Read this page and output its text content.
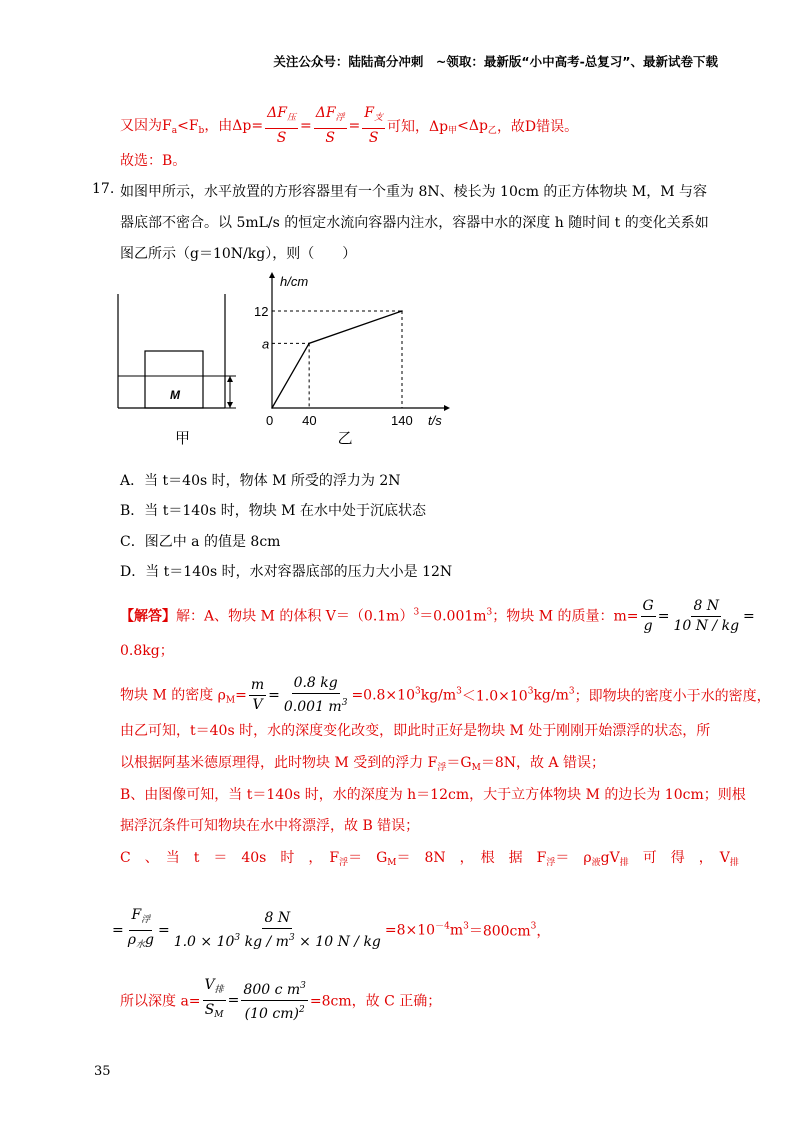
关注公众号：陆陆高分冲刺　~领取：最新版“小中高考-总复习”、最新试卷下载
又因为$F_a<F_b$，由$\Delta p= \frac{\Delta F_压}{S} = \frac{\Delta F_浮}{S} = \frac{F_支}{S}$ 可知，$\Delta p_甲<\Delta p_乙$，故D错误。
故选：B。
17. 如图甲所示，水平放置的方形容器里有一个重为 8N、棱长为 10cm 的正方体物块 M，M 与容
器底部不密合。以 5mL/s 的恒定水流向容器内注水，容器中水的深度 h 随时间 t 的变化关系如
图乙所示（g＝10N/kg），则（　　）
M
甲
h/cm
t/s
0
12
a
40	140
乙
A．当 t＝40s 时，物体 M 所受的浮力为 2N
B．当 t＝140s 时，物块 M 在水中处于沉底状态
C．图乙中 a 的值是 8cm
D．当 t＝140s 时，水对容器底部的压力大小是 12N
【解答】解：A、物块 M 的体积 $V=(0.1m)^3=0.001m^3$；物块 M 的质量：$m= \frac{G}{g} = \frac{8 N}{10 N / kg}$ =
0.8kg；
物块 M 的密度 $\rho_M= \frac{m}{V} = \frac{0.8 kg}{0.001 m^3} =0.8\times 10^3kg/m^3<1.0\times 10^3kg/m^3$；即物块的密度小于水的密度，
由乙可知，t＝40s 时，水的深度变化改变，即此时正好是物块 M 处于刚刚开始漂浮的状态，所
以根据阿基米德原理得，此时物块 M 受到的浮力 $F_浮=G_M=8N$，故 A 错误；
B、由图像可知，当 t＝140s 时，水的深度为 h＝12cm，大于立方体物块 M 的边长为 10cm；则根
据浮沉条件可知物块在水中将漂浮，故 B 错误；
C　、　当　t　＝　40s　时　，　$F_浮=$　$G_M=$　8N　，　根　据　$F_浮=$　$\rho_液gV_排$　可　得　，　$V_排$
= $\frac{F_浮}{\rho_水g} = \frac{8 N}{1.0 \times 10^3 kg / m^3 \times 10 N / kg} =8\times 10^{-4}m^3=800cm^3$，
所以深度 $a= \frac{V_排}{S_M} = \frac{800 c m^3}{(10 cm)^2} =8cm$，故 C 正确；
35
